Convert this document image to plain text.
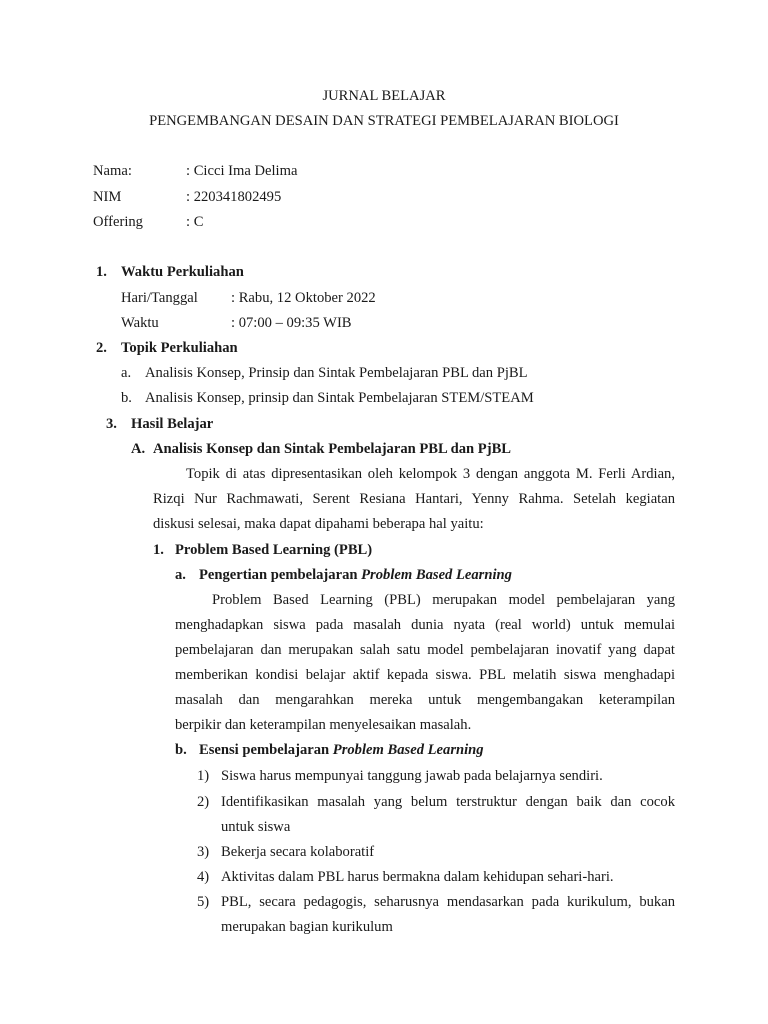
JURNAL BELAJAR
PENGEMBANGAN DESAIN DAN STRATEGI PEMBELAJARAN BIOLOGI
Nama:	: Cicci Ima Delima
NIM	: 220341802495
Offering	: C
1. Waktu Perkuliahan
Hari/Tanggal : Rabu, 12 Oktober 2022
Waktu	: 07:00 – 09:35 WIB
2. Topik Perkuliahan
a. Analisis Konsep, Prinsip dan Sintak Pembelajaran PBL dan PjBL
b. Analisis Konsep, prinsip dan Sintak Pembelajaran STEM/STEAM
3. Hasil Belajar
A. Analisis Konsep dan Sintak Pembelajaran PBL dan PjBL
Topik di atas dipresentasikan oleh kelompok 3 dengan anggota M. Ferli Ardian,
Rizqi Nur Rachmawati, Serent Resiana Hantari, Yenny Rahma. Setelah kegiatan
diskusi selesai, maka dapat dipahami beberapa hal yaitu:
1. Problem Based Learning (PBL)
a. Pengertian pembelajaran Problem Based Learning
Problem Based Learning (PBL) merupakan model pembelajaran yang
menghadapkan siswa pada masalah dunia nyata (real world) untuk memulai
pembelajaran dan merupakan salah satu model pembelajaran inovatif yang dapat
memberikan kondisi belajar aktif kepada siswa. PBL melatih siswa menghadapi
masalah dan mengarahkan mereka untuk mengembangakan keterampilan
berpikir dan keterampilan menyelesaikan masalah.
b. Esensi pembelajaran Problem Based Learning
1) Siswa harus mempunyai tanggung jawab pada belajarnya sendiri.
2) Identifikasikan masalah yang belum terstruktur dengan baik dan cocok
untuk siswa
3) Bekerja secara kolaboratif
4) Aktivitas dalam PBL harus bermakna dalam kehidupan sehari-hari.
5) PBL, secara pedagogis, seharusnya mendasarkan pada kurikulum, bukan
merupakan bagian kurikulum
